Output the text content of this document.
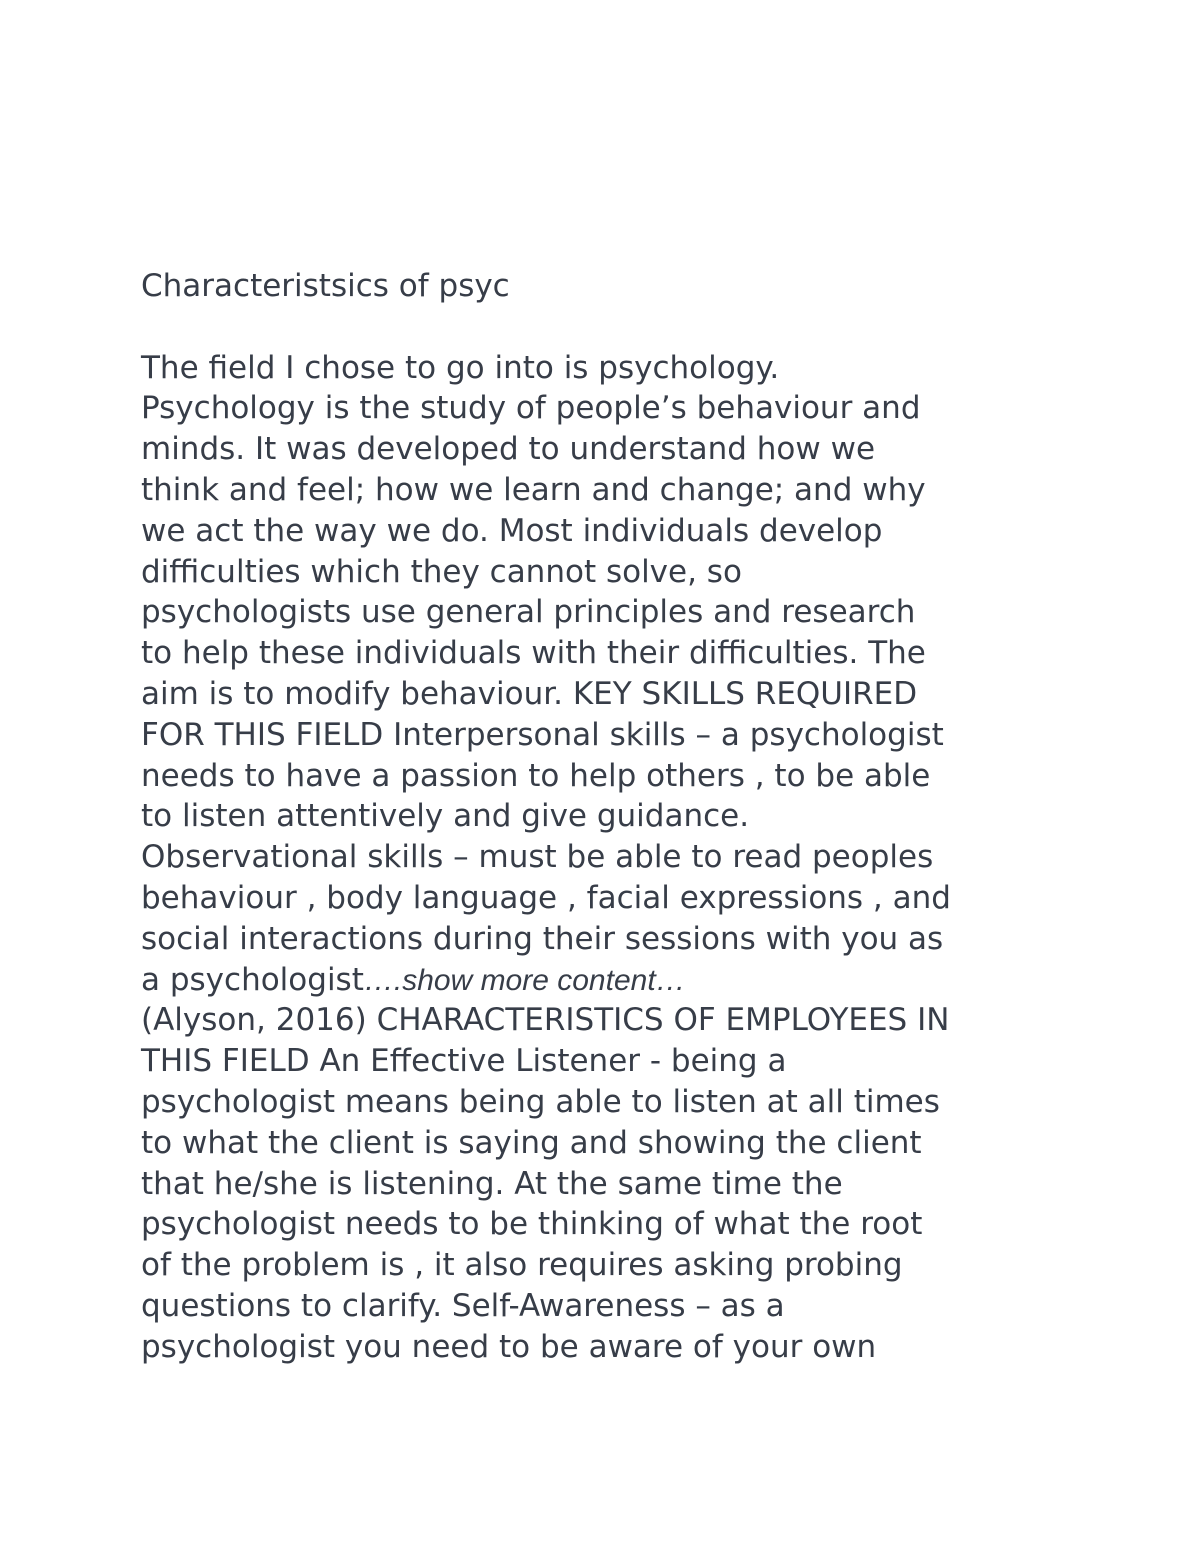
Characteristsics of psyc
The field I chose to go into is psychology.
Psychology is the study of people’s behaviour and
minds. It was developed to understand how we
think and feel; how we learn and change; and why
we act the way we do. Most individuals develop
difficulties which they cannot solve, so
psychologists use general principles and research
to help these individuals with their difficulties. The
aim is to modify behaviour. KEY SKILLS REQUIRED
FOR THIS FIELD Interpersonal skills – a psychologist
needs to have a passion to help others , to be able
to listen attentively and give guidance.
Observational skills – must be able to read peoples
behaviour , body language , facial expressions , and
social interactions during their sessions with you as
a psychologist….show more content…
(Alyson, 2016) CHARACTERISTICS OF EMPLOYEES IN
THIS FIELD An Effective Listener - being a
psychologist means being able to listen at all times
to what the client is saying and showing the client
that he/she is listening. At the same time the
psychologist needs to be thinking of what the root
of the problem is , it also requires asking probing
questions to clarify. Self-Awareness – as a
psychologist you need to be aware of your own
